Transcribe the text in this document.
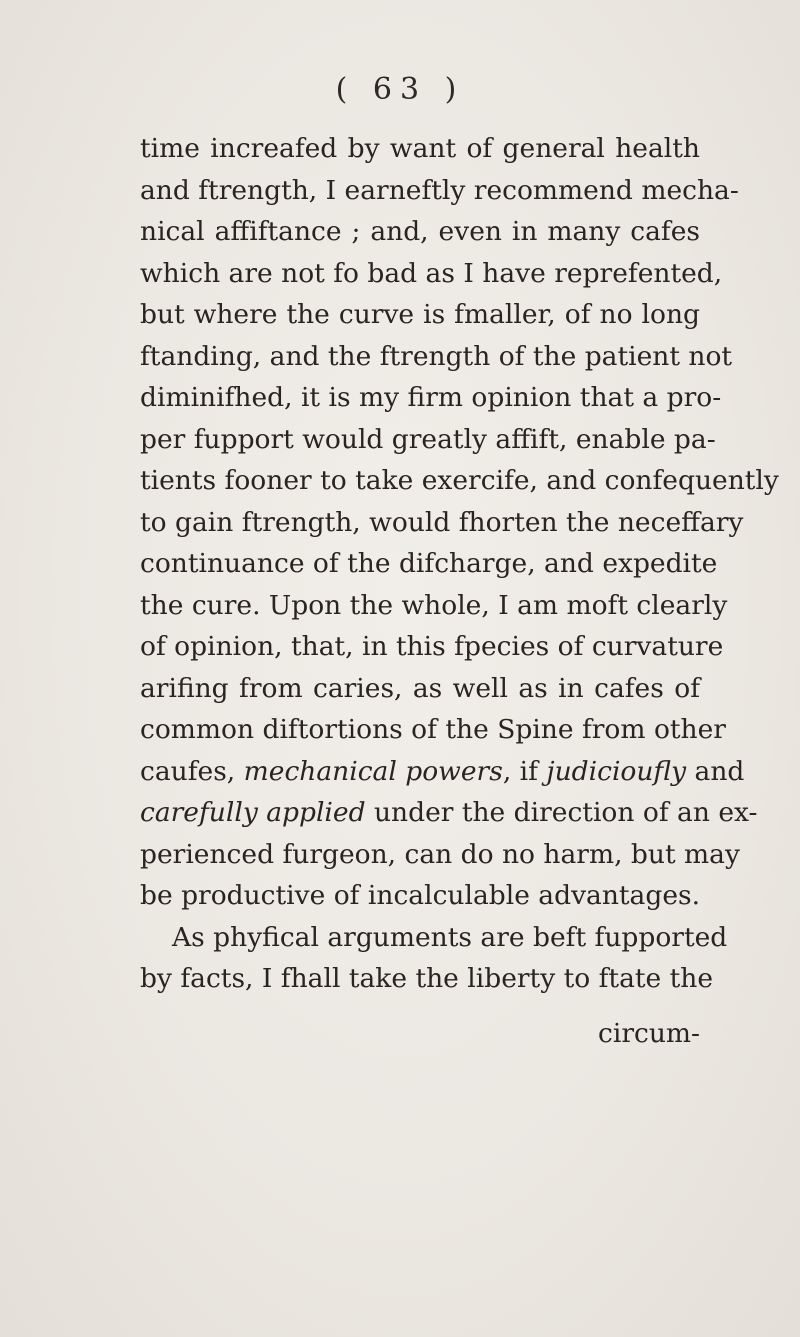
( 63 )
time increafed by want of general health
and ftrength, I earneftly recommend mecha-
nical affiftance ; and, even in many cafes
which are not fo bad as I have reprefented,
but where the curve is fmaller, of no long
ftanding, and the ftrength of the patient not
diminifhed, it is my firm opinion that a pro-
per fupport would greatly affift, enable pa-
tients fooner to take exercife, and confequently
to gain ftrength, would fhorten the neceffary
continuance of the difcharge, and expedite
the cure. Upon the whole, I am moft clearly
of opinion, that, in this fpecies of curvature
arifing from caries, as well as in cafes of
common diftortions of the Spine from other
caufes, mechanical powers, if judicioufly and
carefully applied under the direction of an ex-
perienced furgeon, can do no harm, but may
be productive of incalculable advantages.
As phyfical arguments are beft fupported
by facts, I fhall take the liberty to ftate the
circum-
